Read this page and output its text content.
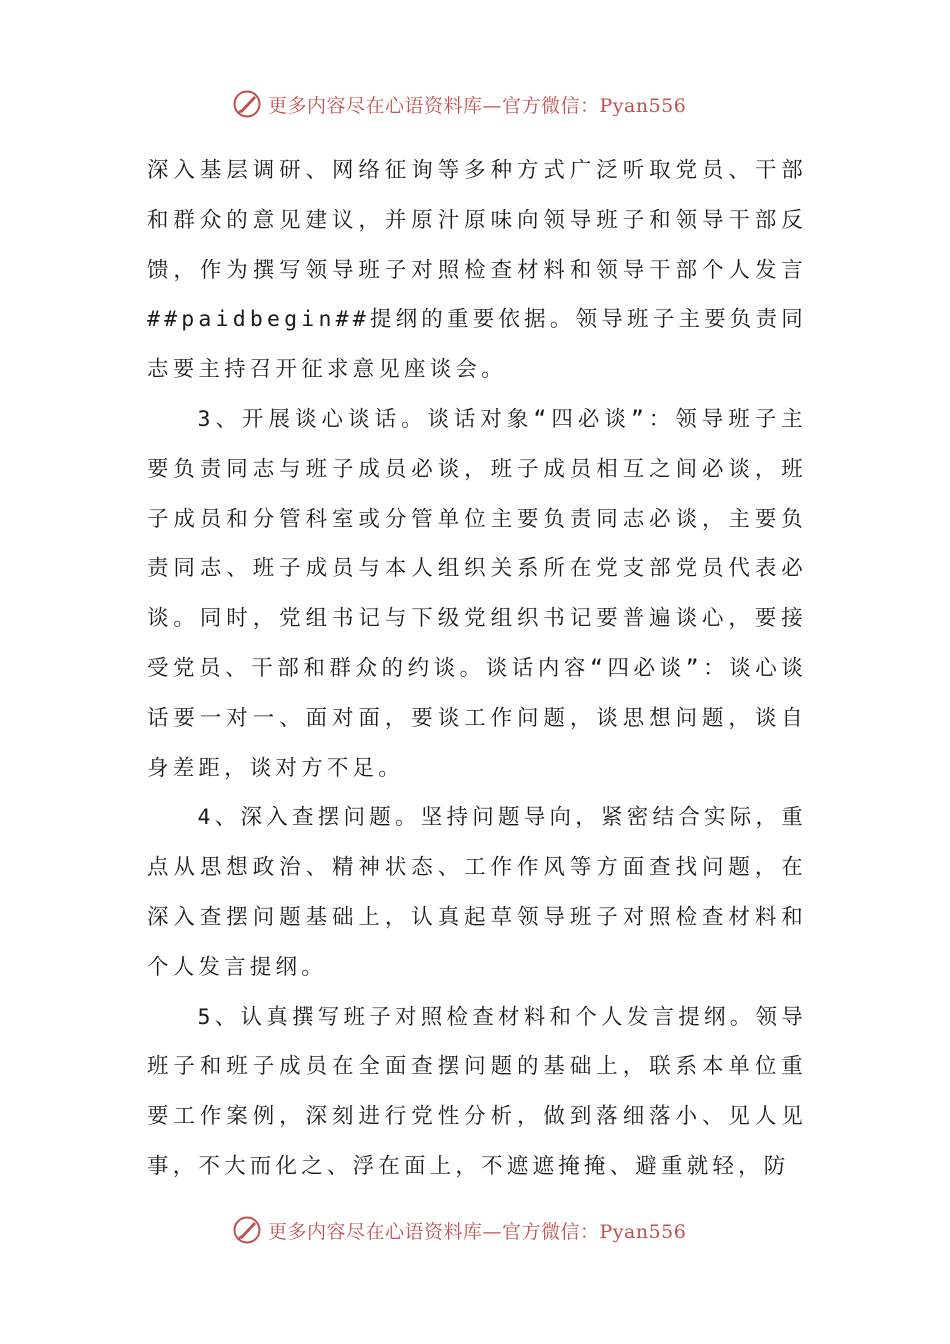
更多内容尽在心语资料库—官方微信：Pyan556

深入基层调研、网络征询等多种方式广泛听取党员、干部和群众的意见建议，并原汁原味向领导班子和领导干部反馈，作为撰写领导班子对照检查材料和领导干部个人发言##paidbegin##提纲的重要依据。领导班子主要负责同志要主持召开征求意见座谈会。

3、开展谈心谈话。谈话对象“四必谈”：领导班子主要负责同志与班子成员必谈，班子成员相互之间必谈，班子成员和分管科室或分管单位主要负责同志必谈，主要负责同志、班子成员与本人组织关系所在党支部党员代表必谈。同时，党组书记与下级党组织书记要普遍谈心，要接受党员、干部和群众的约谈。谈话内容“四必谈”：谈心谈话要一对一、面对面，要谈工作问题，谈思想问题，谈自身差距，谈对方不足。

4、深入查摆问题。坚持问题导向，紧密结合实际，重点从思想政治、精神状态、工作作风等方面查找问题，在深入查摆问题基础上，认真起草领导班子对照检查材料和个人发言提纲。

5、认真撰写班子对照检查材料和个人发言提纲。领导班子和班子成员在全面查摆问题的基础上，联系本单位重要工作案例，深刻进行党性分析，做到落细落小、见人见事，不大而化之、浮在面上，不遮遮掩掩、避重就轻，防

更多内容尽在心语资料库—官方微信：Pyan556
